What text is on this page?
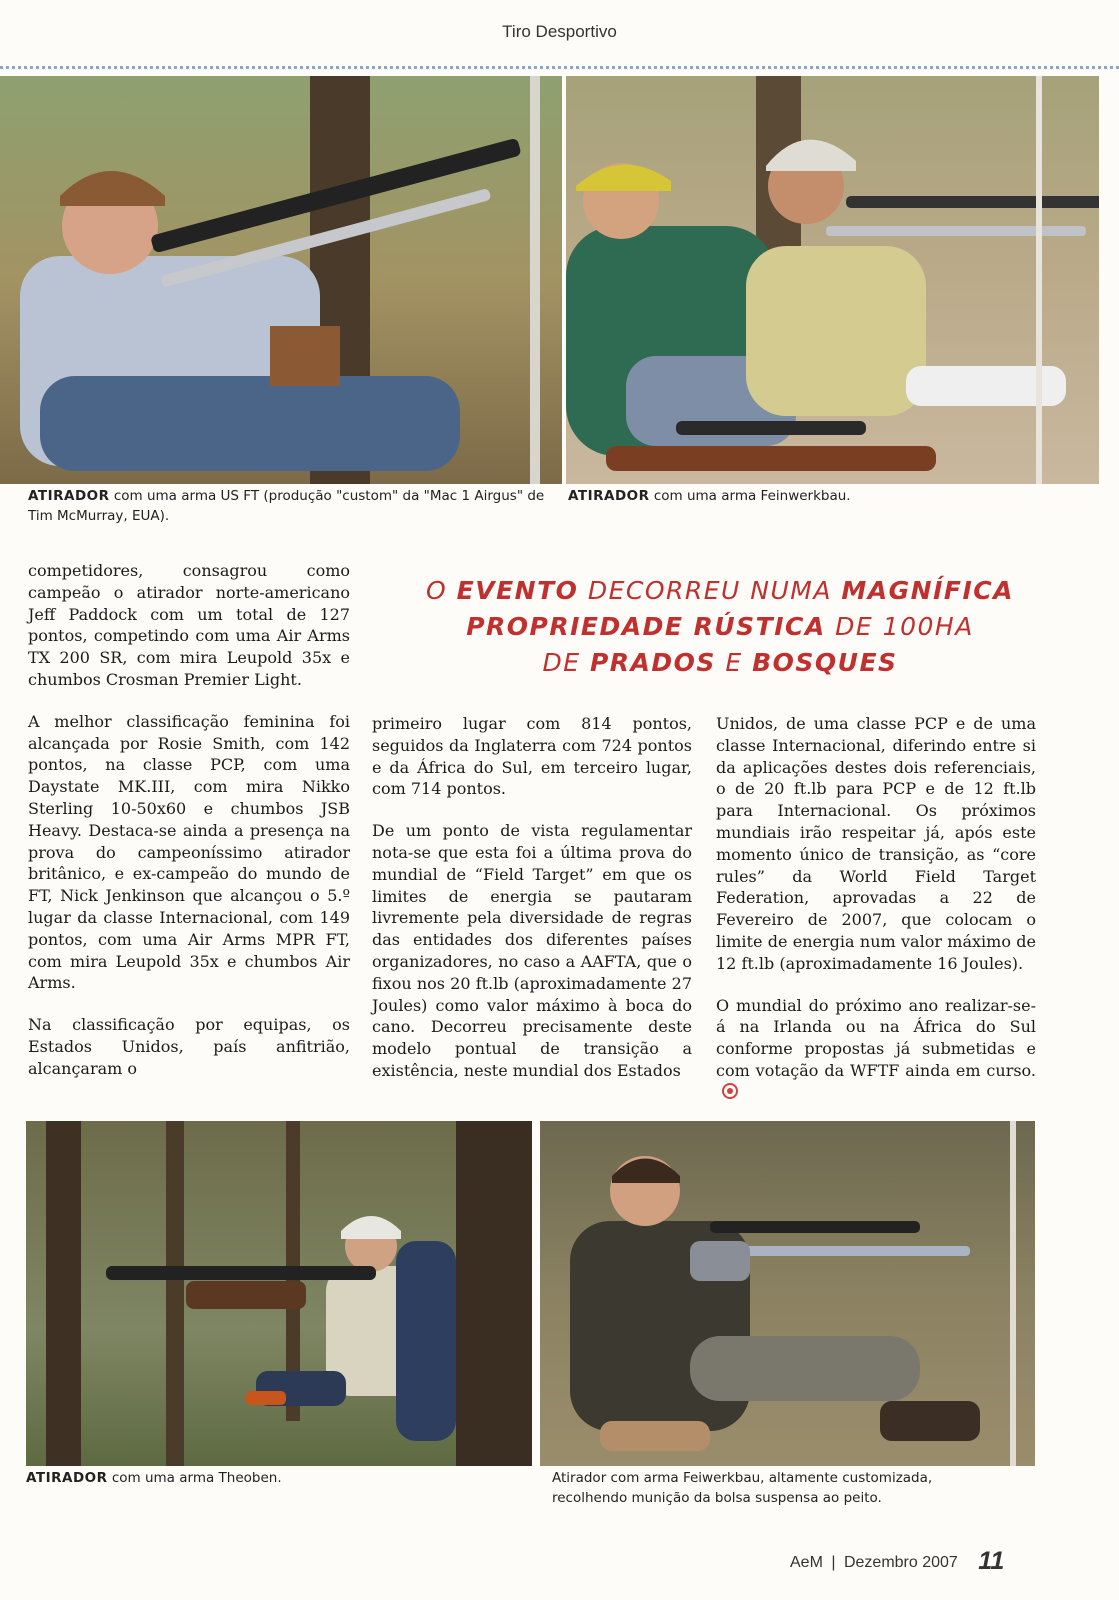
Tiro Desportivo
ATIRADOR com uma arma US FT (produção "custom" da "Mac 1 Airgus" de Tim McMurray, EUA).
ATIRADOR com uma arma Feinwerkbau.
O EVENTO DECORREU NUMA MAGNÍFICA
PROPRIEDADE RÚSTICA DE 100HA
DE PRADOS E BOSQUES

competidores, consagrou como campeão o atirador norte-americano Jeff Paddock com um total de 127 pontos, competindo com uma Air Arms TX 200 SR, com mira Leupold 35x e chumbos Crosman Premier Light.

A melhor classificação feminina foi alcançada por Rosie Smith, com 142 pontos, na classe PCP, com uma Daystate MK.III, com mira Nikko Sterling 10-50x60 e chumbos JSB Heavy. Destaca-se ainda a presença na prova do campeoníssimo atirador britânico, e ex-campeão do mundo de FT, Nick Jenkinson que alcançou o 5.º lugar da classe Internacional, com 149 pontos, com uma Air Arms MPR FT, com mira Leupold 35x e chumbos Air Arms.

Na classificação por equipas, os Estados Unidos, país anfitrião, alcançaram o

primeiro lugar com 814 pontos, seguidos da Inglaterra com 724 pontos e da África do Sul, em terceiro lugar, com 714 pontos.

De um ponto de vista regulamentar nota-se que esta foi a última prova do mundial de “Field Target” em que os limites de energia se pautaram livremente pela diversidade de regras das entidades dos diferentes países organizadores, no caso a AAFTA, que o fixou nos 20 ft.lb (aproximadamente 27 Joules) como valor máximo à boca do cano. Decorreu precisamente deste modelo pontual de transição a existência, neste mundial dos Estados

Unidos, de uma classe PCP e de uma classe Internacional, diferindo entre si da aplicações destes dois referenciais, o de 20 ft.lb para PCP e de 12 ft.lb para Internacional. Os próximos mundiais irão respeitar já, após este momento único de transição, as “core rules” da World Field Target Federation, aprovadas a 22 de Fevereiro de 2007, que colocam o limite de energia num valor máximo de 12 ft.lb (aproximadamente 16 Joules).

O mundial do próximo ano realizar-se-á na Irlanda ou na África do Sul conforme propostas já submetidas e com votação da WFTF ainda em curso.

ATIRADOR com uma arma Theoben.	Atirador com arma Feiwerkbau, altamente customizada,
recolhendo munição da bolsa suspensa ao peito.
AeM | Dezembro 2007 11
